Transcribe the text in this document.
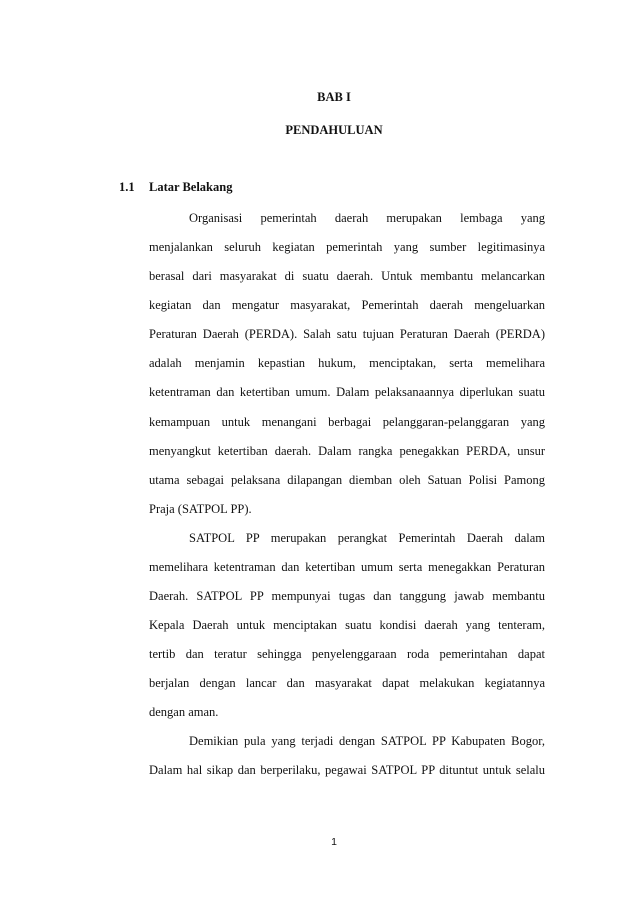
BAB I
PENDAHULUAN
1.1 Latar Belakang
Organisasi pemerintah daerah merupakan lembaga yang
menjalankan seluruh kegiatan pemerintah yang sumber legitimasinya
berasal dari masyarakat di suatu daerah. Untuk membantu melancarkan
kegiatan dan mengatur masyarakat, Pemerintah daerah mengeluarkan
Peraturan Daerah (PERDA). Salah satu tujuan Peraturan Daerah (PERDA)
adalah menjamin kepastian hukum, menciptakan, serta memelihara
ketentraman dan ketertiban umum. Dalam pelaksanaannya diperlukan suatu
kemampuan untuk menangani berbagai pelanggaran-pelanggaran yang
menyangkut ketertiban daerah. Dalam rangka penegakkan PERDA, unsur
utama sebagai pelaksana dilapangan diemban oleh Satuan Polisi Pamong
Praja (SATPOL PP).
SATPOL PP merupakan perangkat Pemerintah Daerah dalam
memelihara ketentraman dan ketertiban umum serta menegakkan Peraturan
Daerah. SATPOL PP mempunyai tugas dan tanggung jawab membantu
Kepala Daerah untuk menciptakan suatu kondisi daerah yang tenteram,
tertib dan teratur sehingga penyelenggaraan roda pemerintahan dapat
berjalan dengan lancar dan masyarakat dapat melakukan kegiatannya
dengan aman.
Demikian pula yang terjadi dengan SATPOL PP Kabupaten Bogor,
Dalam hal sikap dan berperilaku, pegawai SATPOL PP dituntut untuk selalu
1
